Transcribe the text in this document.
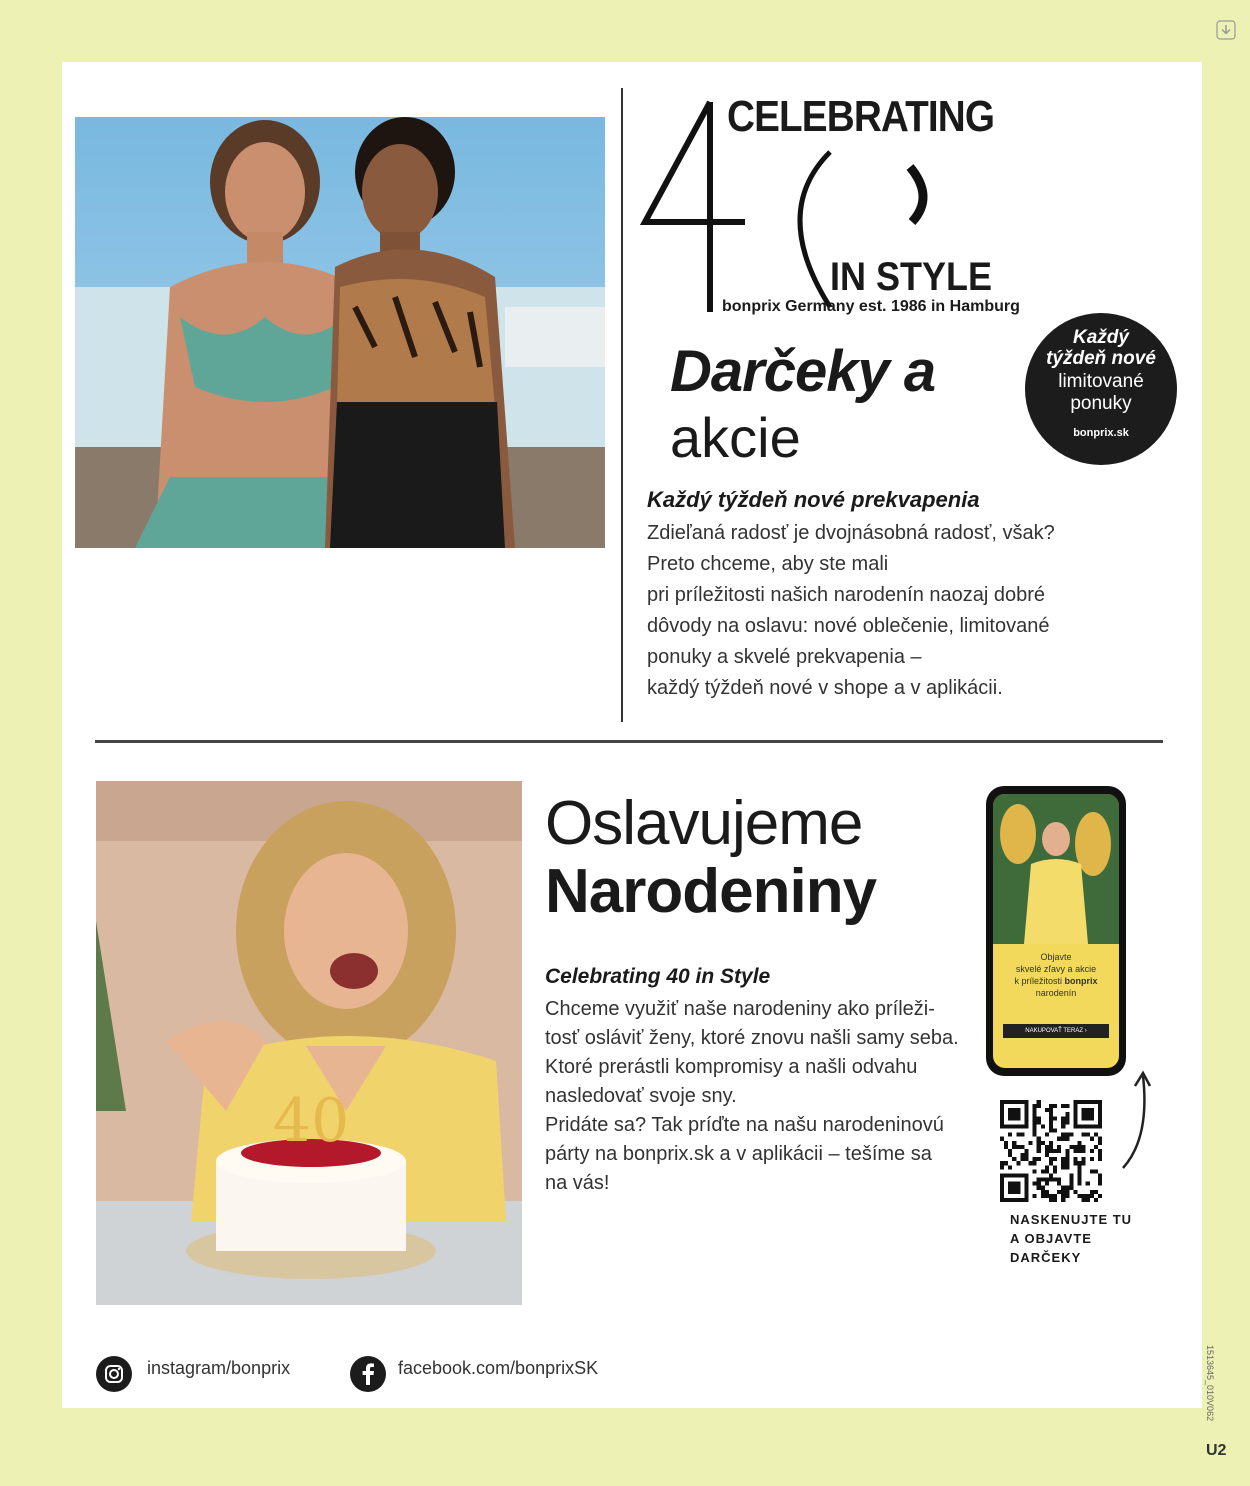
CELEBRATING
IN STYLE
bonprix Germany est. 1986 in Hamburg
Každý
týždeň nové
limitované
ponuky
bonprix.sk
Darčeky a
akcie
Každý týždeň nové prekvapenia
Zdieľaná radosť je dvojnásobná radosť, však?
Preto chceme, aby ste mali
pri príležitosti našich narodenín naozaj dobré
dôvody na oslavu: nové oblečenie, limitované
ponuky a skvelé prekvapenia –
každý týždeň nové v shope a v aplikácii.
40
Oslavujeme
Narodeniny
Celebrating 40 in Style
Chceme využiť naše narodeniny ako príleži-
tosť osláviť ženy, ktoré znovu našli samy seba.
Ktoré prerástli kompromisy a našli odvahu
nasledovať svoje sny.
Pridáte sa? Tak príďte na našu narodeninovú
párty na bonprix.sk a v aplikácii – tešíme sa
na vás!
Objavte
skvelé zľavy a akcie
k príležitosti bonprix
narodenín
NAKUPOVAŤ TERAZ ›
NASKENUJTE TU
A OBJAVTE
DARČEKY
instagram/bonprix	facebook.com/bonprixSK	1513645_010V062
U2
